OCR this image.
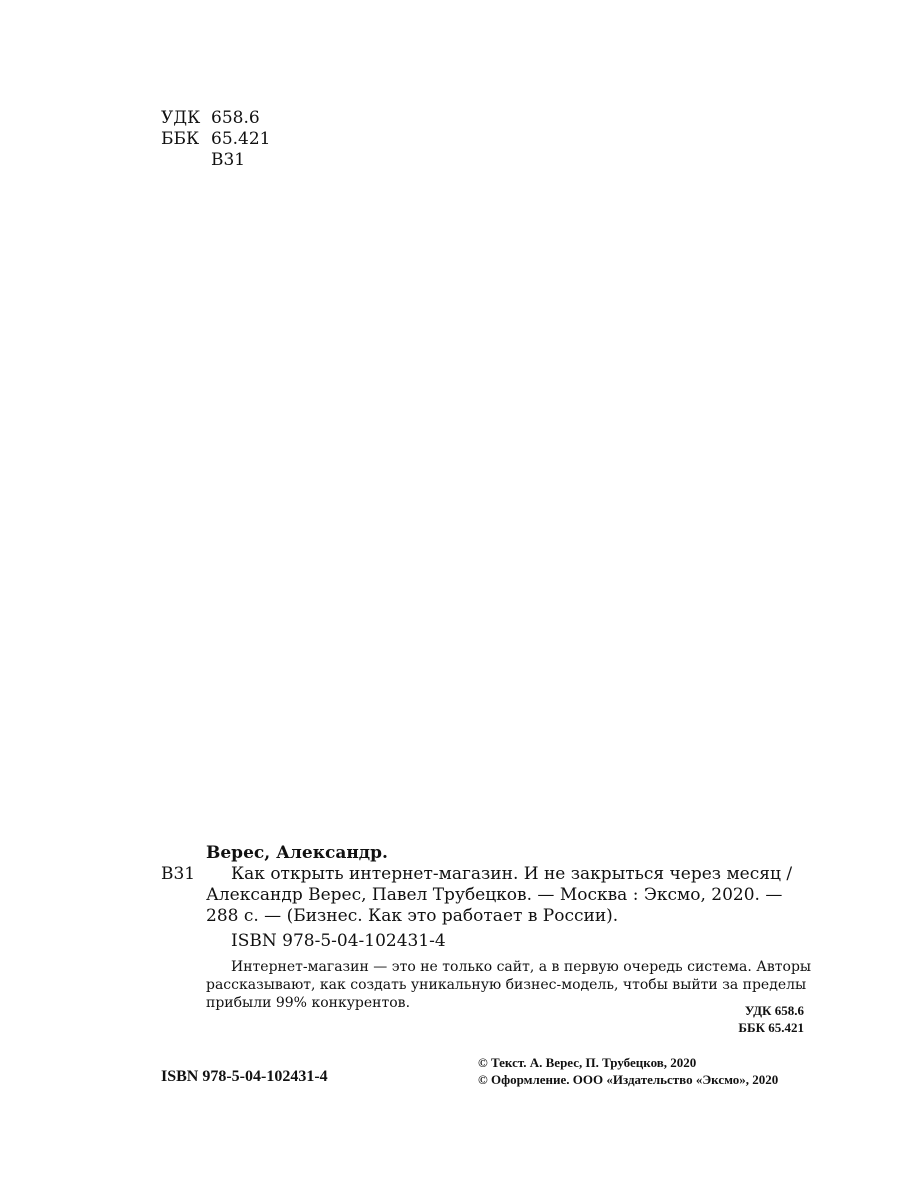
УДК 658.6
ББК 65.421
В31
Верес, Александр.
В31 Как открыть интернет-магазин. И не закрыться через месяц /
Александр Верес, Павел Трубецков. — Москва : Эксмо, 2020. —
288 с. — (Бизнес. Как это работает в России).
ISBN 978-5-04-102431-4
Интернет-магазин — это не только сайт, а в первую очередь система. Авторы
рассказывают, как создать уникальную бизнес-модель, чтобы выйти за пределы
прибыли 99% конкурентов.	УДК 658.6
ББК 65.421
ISBN 978-5-04-102431-4
© Текст. А. Верес, П. Трубецков, 2020
© Оформление. ООО «Издательство «Эксмо», 2020
